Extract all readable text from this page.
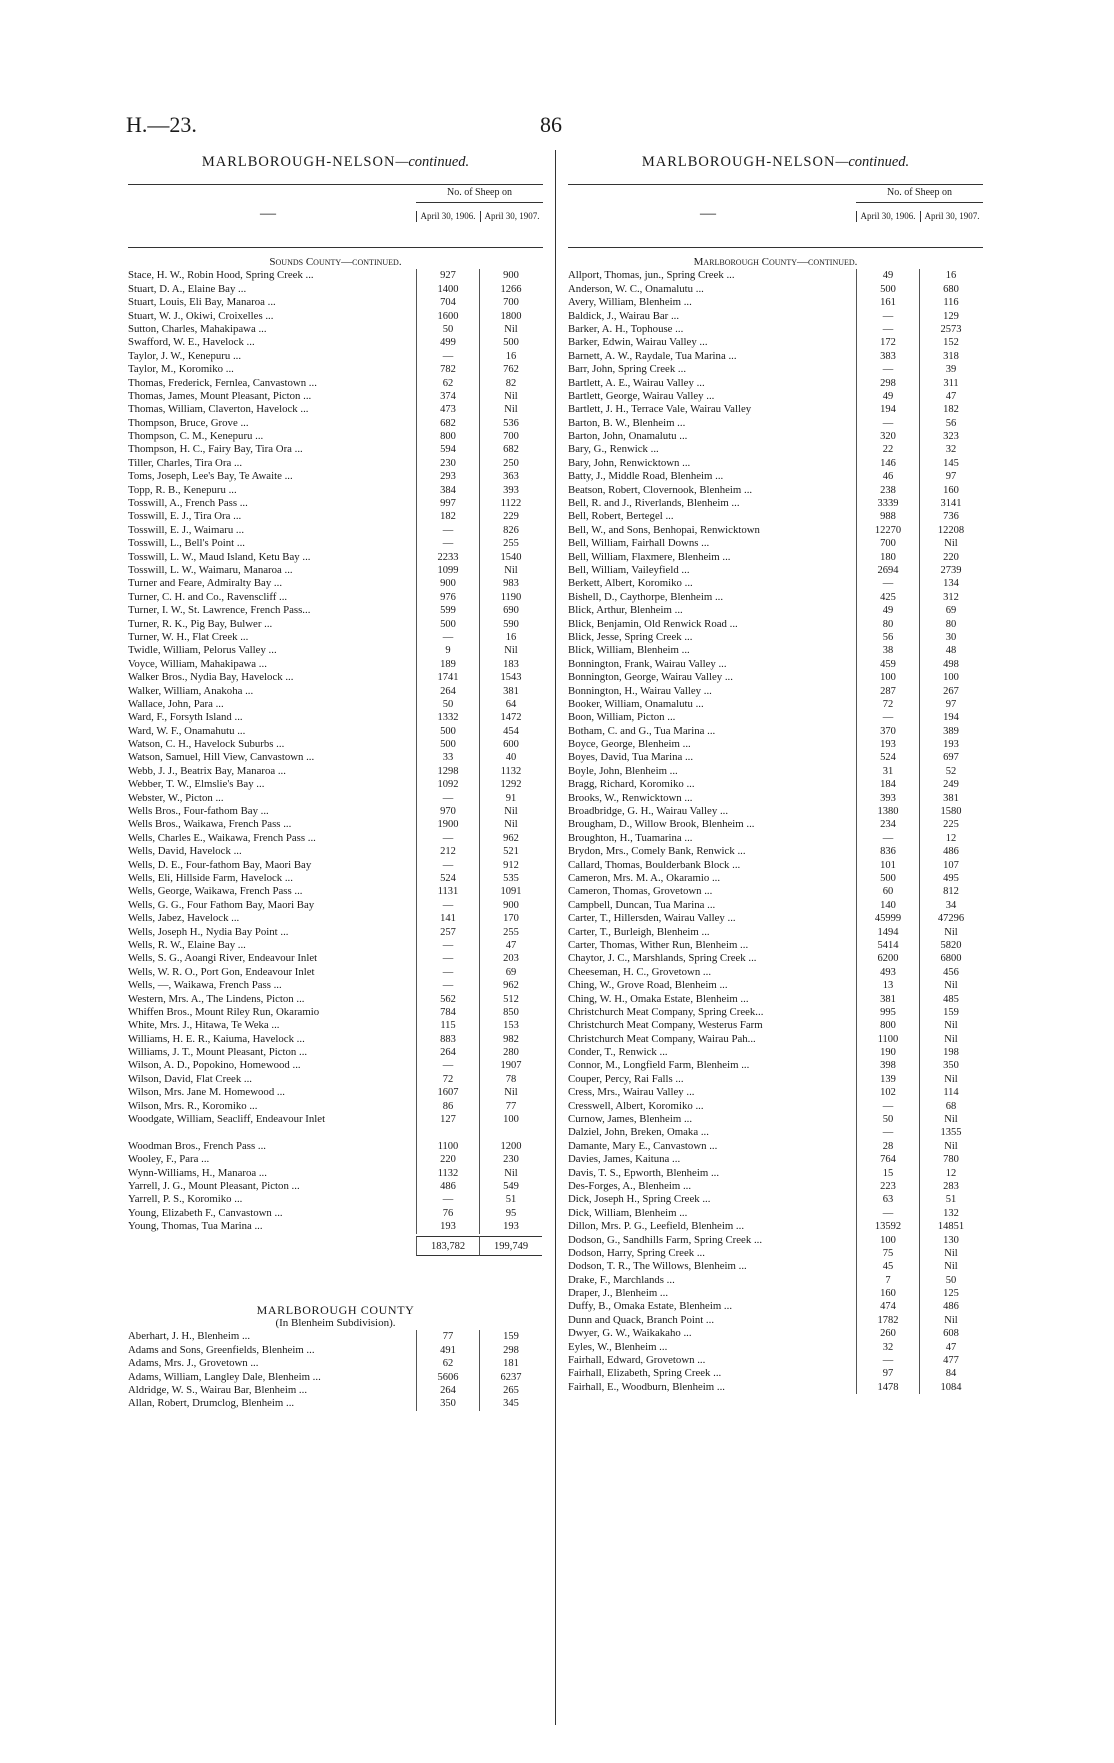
H.—23.	86
MARLBOROUGH-NELSON—continued.
—
No. of Sheep on
April 30, 1906.	April 30, 1907.
Sounds County—continued.
Stace, H. W., Robin Hood, Spring Creek ...	927	900
Stuart, D. A., Elaine Bay ...	1400	1266
Stuart, Louis, Eli Bay, Manaroa ...	704	700
Stuart, W. J., Okiwi, Croixelles ...	1600	1800
Sutton, Charles, Mahakipawa ...	50	Nil
Swafford, W. E., Havelock ...	499	500
Taylor, J. W., Kenepuru ...	—	16
Taylor, M., Koromiko ...	782	762
Thomas, Frederick, Fernlea, Canvastown ...	62	82
Thomas, James, Mount Pleasant, Picton ...	374	Nil
Thomas, William, Claverton, Havelock ...	473	Nil
Thompson, Bruce, Grove ...	682	536
Thompson, C. M., Kenepuru ...	800	700
Thompson, H. C., Fairy Bay, Tira Ora ...	594	682
Tiller, Charles, Tira Ora ...	230	250
Toms, Joseph, Lee's Bay, Te Awaite ...	293	363
Topp, R. B., Kenepuru ...	384	393
Tosswill, A., French Pass ...	997	1122
Tosswill, E. J., Tira Ora ...	182	229
Tosswill, E. J., Waimaru ...	—	826
Tosswill, L., Bell's Point ...	—	255
Tosswill, L. W., Maud Island, Ketu Bay ...	2233	1540
Tosswill, L. W., Waimaru, Manaroa ...	1099	Nil
Turner and Feare, Admiralty Bay ...	900	983
Turner, C. H. and Co., Ravenscliff ...	976	1190
Turner, I. W., St. Lawrence, French Pass...	599	690
Turner, R. K., Pig Bay, Bulwer ...	500	590
Turner, W. H., Flat Creek ...	—	16
Twidle, William, Pelorus Valley ...	9	Nil
Voyce, William, Mahakipawa ...	189	183
Walker Bros., Nydia Bay, Havelock ...	1741	1543
Walker, William, Anakoha ...	264	381
Wallace, John, Para ...	50	64
Ward, F., Forsyth Island ...	1332	1472
Ward, W. F., Onamahutu ...	500	454
Watson, C. H., Havelock Suburbs ...	500	600
Watson, Samuel, Hill View, Canvastown ...	33	40
Webb, J. J., Beatrix Bay, Manaroa ...	1298	1132
Webber, T. W., Elmslie's Bay ...	1092	1292
Webster, W., Picton ...	—	91
Wells Bros., Four-fathom Bay ...	970	Nil
Wells Bros., Waikawa, French Pass ...	1900	Nil
Wells, Charles E., Waikawa, French Pass ...	—	962
Wells, David, Havelock ...	212	521
Wells, D. E., Four-fathom Bay, Maori Bay	—	912
Wells, Eli, Hillside Farm, Havelock ...	524	535
Wells, George, Waikawa, French Pass ...	1131	1091
Wells, G. G., Four Fathom Bay, Maori Bay	—	900
Wells, Jabez, Havelock ...	141	170
Wells, Joseph H., Nydia Bay Point ...	257	255
Wells, R. W., Elaine Bay ...	—	47
Wells, S. G., Aoangi River, Endeavour Inlet	—	203
Wells, W. R. O., Port Gon, Endeavour Inlet	—	69
Wells, —, Waikawa, French Pass ...	—	962
Western, Mrs. A., The Lindens, Picton ...	562	512
Whiffen Bros., Mount Riley Run, Okaramio	784	850
White, Mrs. J., Hitawa, Te Weka ...	115	153
Williams, H. E. R., Kaiuma, Havelock ...	883	982
Williams, J. T., Mount Pleasant, Picton ...	264	280
Wilson, A. D., Popokino, Homewood ...	—	1907
Wilson, David, Flat Creek ...	72	78
Wilson, Mrs. Jane M. Homewood ...	1607	Nil
Wilson, Mrs. R., Koromiko ...	86	77
Woodgate, William, Seacliff, Endeavour Inlet	127	100
Woodman Bros., French Pass ...	1100	1200
Wooley, F., Para ...	220	230
Wynn-Williams, H., Manaroa ...	1132	Nil
Yarrell, J. G., Mount Pleasant, Picton ...	486	549
Yarrell, P. S., Koromiko ...	—	51
Young, Elizabeth F., Canvastown ...	76	95
Young, Thomas, Tua Marina ...	193	193
183,782	199,749
MARLBOROUGH COUNTY
(In Blenheim Subdivision).
Aberhart, J. H., Blenheim ...	77	159
Adams and Sons, Greenfields, Blenheim ...	491	298
Adams, Mrs. J., Grovetown ...	62	181
Adams, William, Langley Dale, Blenheim ...	5606	6237
Aldridge, W. S., Wairau Bar, Blenheim ...	264	265
Allan, Robert, Drumclog, Blenheim ...	350	345
MARLBOROUGH-NELSON—continued.
—
No. of Sheep on
April 30, 1906.	April 30, 1907.
Marlborough County—continued.
Allport, Thomas, jun., Spring Creek ...	49	16
Anderson, W. C., Onamalutu ...	500	680
Avery, William, Blenheim ...	161	116
Baldick, J., Wairau Bar ...	—	129
Barker, A. H., Tophouse ...	—	2573
Barker, Edwin, Wairau Valley ...	172	152
Barnett, A. W., Raydale, Tua Marina ...	383	318
Barr, John, Spring Creek ...	—	39
Bartlett, A. E., Wairau Valley ...	298	311
Bartlett, George, Wairau Valley ...	49	47
Bartlett, J. H., Terrace Vale, Wairau Valley	194	182
Barton, B. W., Blenheim ...	—	56
Barton, John, Onamalutu ...	320	323
Bary, G., Renwick ...	22	32
Bary, John, Renwicktown ...	146	145
Batty, J., Middle Road, Blenheim ...	46	97
Beatson, Robert, Clovernook, Blenheim ...	238	160
Bell, R. and J., Riverlands, Blenheim ...	3339	3141
Bell, Robert, Bertegel ...	988	736
Bell, W., and Sons, Benhopai, Renwicktown	12270	12208
Bell, William, Fairhall Downs ...	700	Nil
Bell, William, Flaxmere, Blenheim ...	180	220
Bell, William, Vaileyfield ...	2694	2739
Berkett, Albert, Koromiko ...	—	134
Bishell, D., Caythorpe, Blenheim ...	425	312
Blick, Arthur, Blenheim ...	49	69
Blick, Benjamin, Old Renwick Road ...	80	80
Blick, Jesse, Spring Creek ...	56	30
Blick, William, Blenheim ...	38	48
Bonnington, Frank, Wairau Valley ...	459	498
Bonnington, George, Wairau Valley ...	100	100
Bonnington, H., Wairau Valley ...	287	267
Booker, William, Onamalutu ...	72	97
Boon, William, Picton ...	—	194
Botham, C. and G., Tua Marina ...	370	389
Boyce, George, Blenheim ...	193	193
Boyes, David, Tua Marina ...	524	697
Boyle, John, Blenheim ...	31	52
Bragg, Richard, Koromiko ...	184	249
Brooks, W., Renwicktown ...	393	381
Broadbridge, G. H., Wairau Valley ...	1380	1580
Brougham, D., Willow Brook, Blenheim ...	234	225
Broughton, H., Tuamarina ...	—	12
Brydon, Mrs., Comely Bank, Renwick ...	836	486
Callard, Thomas, Boulderbank Block ...	101	107
Cameron, Mrs. M. A., Okaramio ...	500	495
Cameron, Thomas, Grovetown ...	60	812
Campbell, Duncan, Tua Marina ...	140	34
Carter, T., Hillersden, Wairau Valley ...	45999	47296
Carter, T., Burleigh, Blenheim ...	1494	Nil
Carter, Thomas, Wither Run, Blenheim ...	5414	5820
Chaytor, J. C., Marshlands, Spring Creek ...	6200	6800
Cheeseman, H. C., Grovetown ...	493	456
Ching, W., Grove Road, Blenheim ...	13	Nil
Ching, W. H., Omaka Estate, Blenheim ...	381	485
Christchurch Meat Company, Spring Creek...	995	159
Christchurch Meat Company, Westerus Farm	800	Nil
Christchurch Meat Company, Wairau Pah...	1100	Nil
Conder, T., Renwick ...	190	198
Connor, M., Longfield Farm, Blenheim ...	398	350
Couper, Percy, Rai Falls ...	139	Nil
Cress, Mrs., Wairau Valley ...	102	114
Cresswell, Albert, Koromiko ...	—	68
Curnow, James, Blenheim ...	50	Nil
Dalziel, John, Breken, Omaka ...	—	1355
Damante, Mary E., Canvastown ...	28	Nil
Davies, James, Kaituna ...	764	780
Davis, T. S., Epworth, Blenheim ...	15	12
Des-Forges, A., Blenheim ...	223	283
Dick, Joseph H., Spring Creek ...	63	51
Dick, William, Blenheim ...	—	132
Dillon, Mrs. P. G., Leefield, Blenheim ...	13592	14851
Dodson, G., Sandhills Farm, Spring Creek ...	100	130
Dodson, Harry, Spring Creek ...	75	Nil
Dodson, T. R., The Willows, Blenheim ...	45	Nil
Drake, F., Marchlands ...	7	50
Draper, J., Blenheim ...	160	125
Duffy, B., Omaka Estate, Blenheim ...	474	486
Dunn and Quack, Branch Point ...	1782	Nil
Dwyer, G. W., Waikakaho ...	260	608
Eyles, W., Blenheim ...	32	47
Fairhall, Edward, Grovetown ...	—	477
Fairhall, Elizabeth, Spring Creek ...	97	84
Fairhall, E., Woodburn, Blenheim ...	1478	1084
